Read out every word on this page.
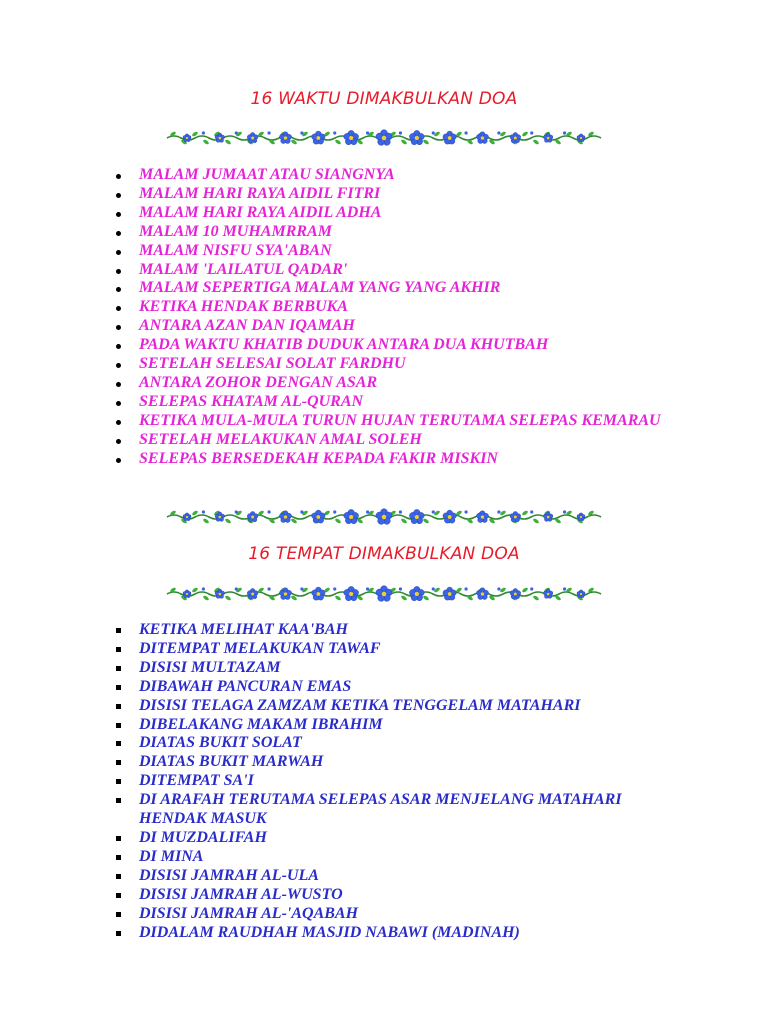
16 WAKTU DIMAKBULKAN DOA
MALAM JUMAAT ATAU SIANGNYA
MALAM HARI RAYA AIDIL FITRI
MALAM HARI RAYA AIDIL ADHA
MALAM 10 MUHAMRRAM
MALAM NISFU SYA'ABAN
MALAM 'LAILATUL QADAR'
MALAM SEPERTIGA MALAM YANG YANG AKHIR
KETIKA HENDAK BERBUKA
ANTARA AZAN DAN IQAMAH
PADA WAKTU KHATIB DUDUK ANTARA DUA KHUTBAH
SETELAH SELESAI SOLAT FARDHU
ANTARA ZOHOR DENGAN ASAR
SELEPAS KHATAM AL-QURAN
KETIKA MULA-MULA TURUN HUJAN TERUTAMA SELEPAS KEMARAU
SETELAH MELAKUKAN AMAL SOLEH
SELEPAS BERSEDEKAH KEPADA FAKIR MISKIN
16 TEMPAT DIMAKBULKAN DOA
KETIKA MELIHAT KAA'BAH
DITEMPAT MELAKUKAN TAWAF
DISISI MULTAZAM
DIBAWAH PANCURAN EMAS
DISISI TELAGA ZAMZAM KETIKA TENGGELAM MATAHARI
DIBELAKANG MAKAM IBRAHIM
DIATAS BUKIT SOLAT
DIATAS BUKIT MARWAH
DITEMPAT SA'I
DI ARAFAH TERUTAMA SELEPAS ASAR MENJELANG MATAHARI HENDAK MASUK
DI MUZDALIFAH
DI MINA
DISISI JAMRAH AL-ULA
DISISI JAMRAH AL-WUSTO
DISISI JAMRAH AL-'AQABAH
DIDALAM RAUDHAH MASJID NABAWI (MADINAH)
